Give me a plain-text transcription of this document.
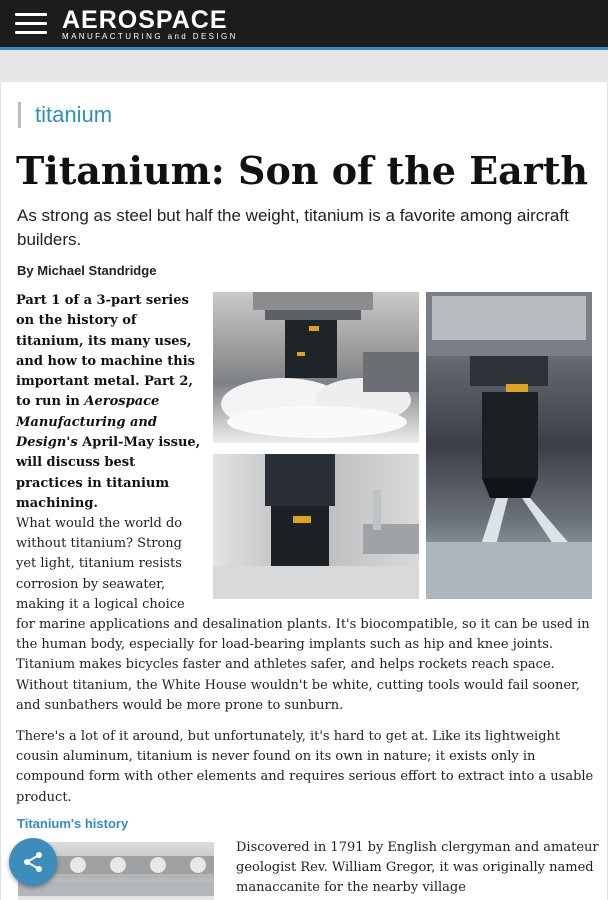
AEROSPACE
MANUFACTURING and DESIGN
titanium
Titanium: Son of the Earth

As strong as steel but half the weight, titanium is a favorite among aircraft builders.

By Michael Standridge

Part 1 of a 3-part series on the history of titanium, its many uses, and how to machine this important metal. Part 2, to run in Aerospace Manufacturing and Design's April-May issue, will discuss best practices in titanium machining.

What would the world do without titanium? Strong yet light, titanium resists corrosion by seawater, making it a logical choice

for marine applications and desalination plants. It's biocompatible, so it can be used in the human body, especially for load-bearing implants such as hip and knee joints. Titanium makes bicycles faster and athletes safer, and helps rockets reach space. Without titanium, the White House wouldn't be white, cutting tools would fail sooner, and sunbathers would be more prone to sunburn.

There's a lot of it around, but unfortunately, it's hard to get at. Like its lightweight cousin aluminum, titanium is never found on its own in nature; it exists only in compound form with other elements and requires serious effort to extract into a usable product.

Titanium's history

Discovered in 1791 by English clergyman and amateur geologist Rev. William Gregor, it was originally named manaccanite for the nearby village
